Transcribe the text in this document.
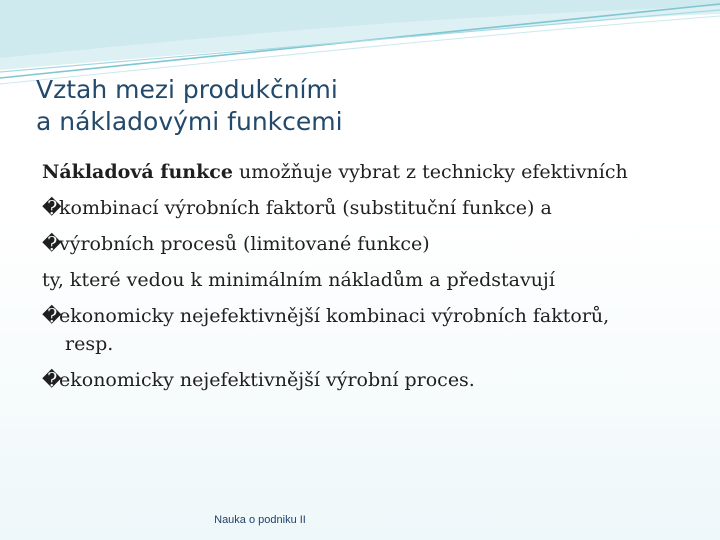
Vztah mezi produkčními
a nákladovými funkcemi
Nákladová funkce umožňuje vybrat z technicky efektivních
�kombinací výrobních faktorů (substituční funkce) a
�výrobních procesů (limitované funkce)
ty, které vedou k minimálním nákladům a představují
�ekonomicky nejefektivnější kombinaci výrobních faktorů,
resp.
�ekonomicky nejefektivnější výrobní proces.
Nauka o podniku II
